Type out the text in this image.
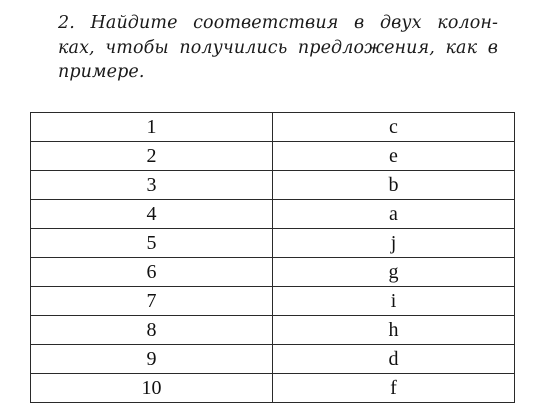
2. Найдите соответствия в двух колон-
ках, чтобы получились предложения, как в
примере.
1	c
2	e
3	b
4	a
5	j
6	g
7	i
8	h
9	d
10	f
